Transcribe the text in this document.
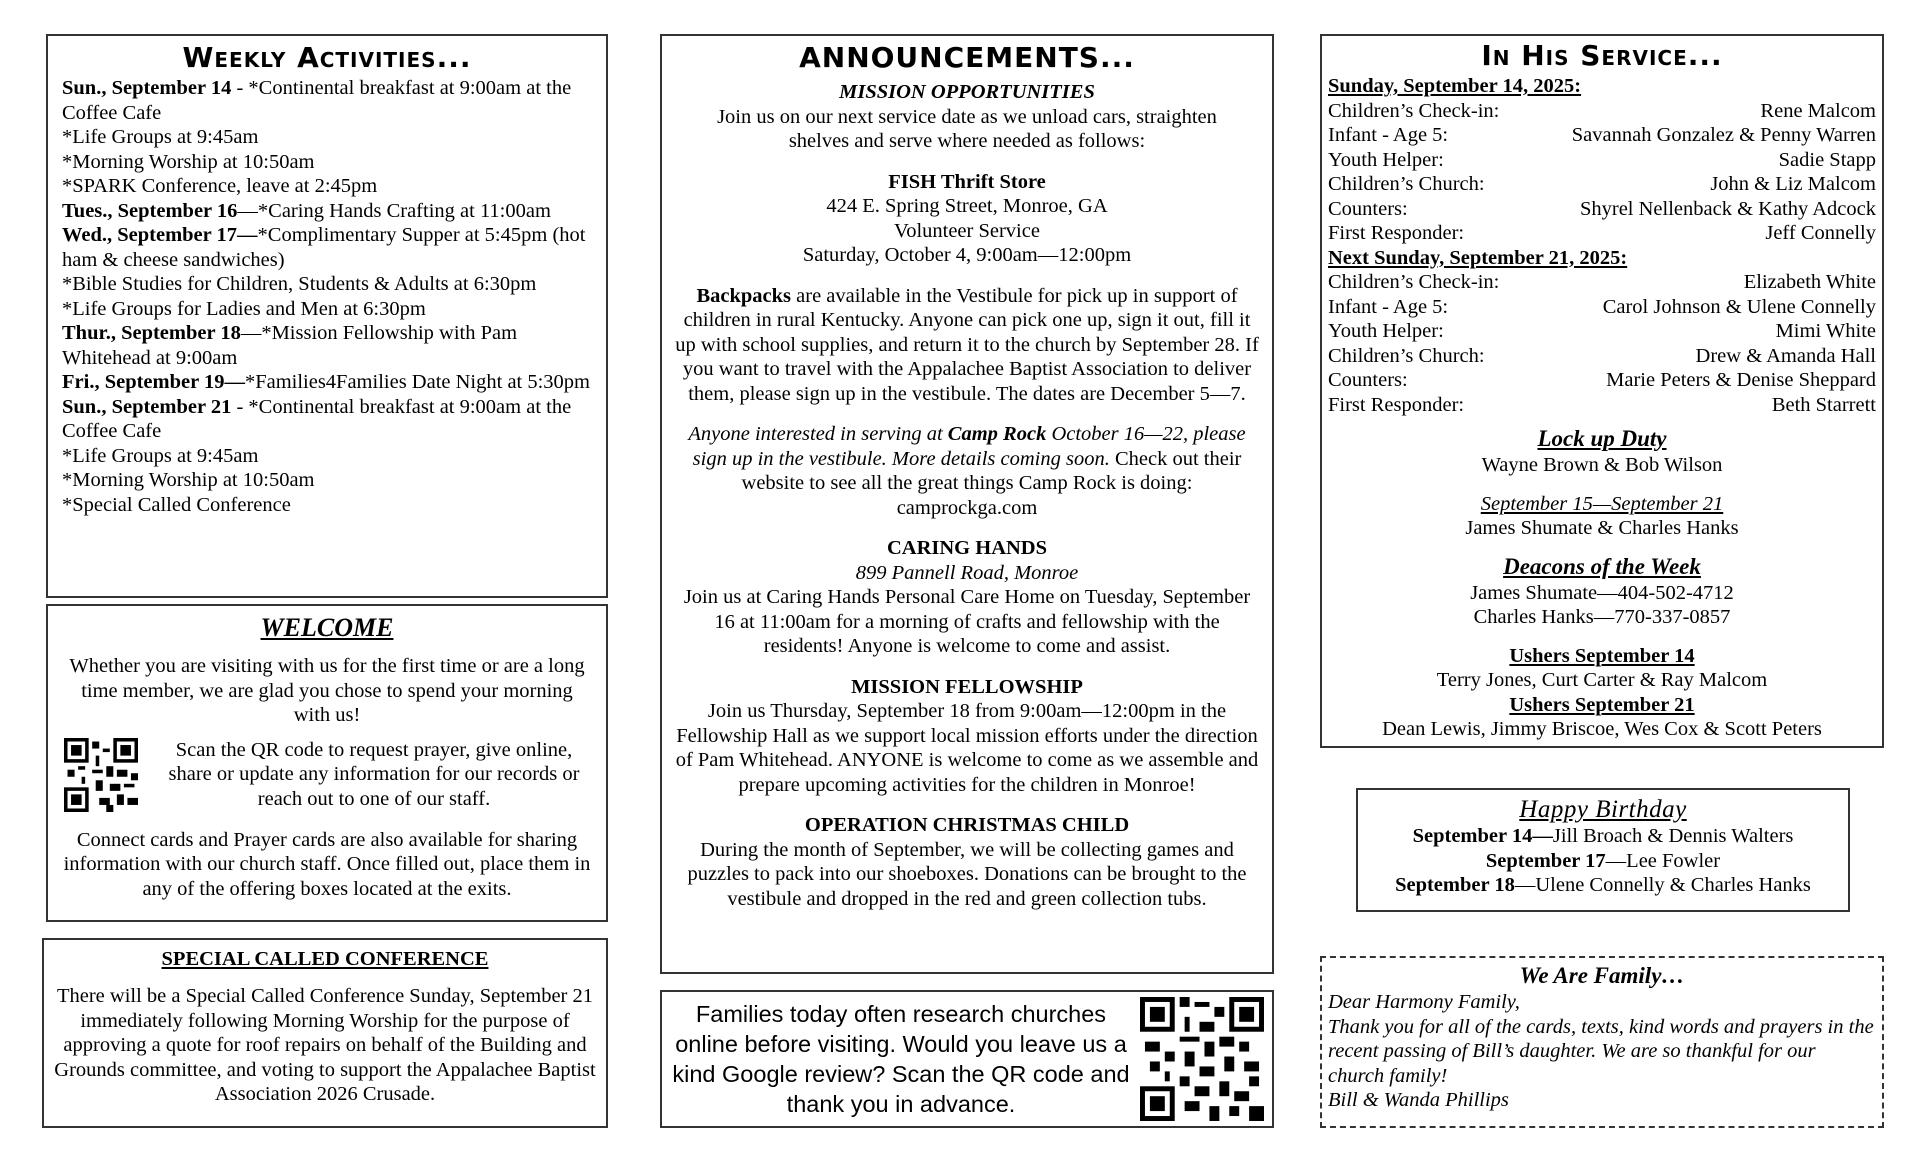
Weekly Activities...
Sun., September 14 - *Continental breakfast at 9:00am at the Coffee Cafe
*Life Groups at 9:45am
*Morning Worship at 10:50am
*SPARK Conference, leave at 2:45pm
Tues., September 16—*Caring Hands Crafting at 11:00am
Wed., September 17—*Complimentary Supper at 5:45pm (hot ham & cheese sandwiches)
*Bible Studies for Children, Students & Adults at 6:30pm
*Life Groups for Ladies and Men at 6:30pm
Thur., September 18—*Mission Fellowship with Pam Whitehead at 9:00am
Fri., September 19—*Families4Families Date Night at 5:30pm
Sun., September 21 - *Continental breakfast at 9:00am at the Coffee Cafe
*Life Groups at 9:45am
*Morning Worship at 10:50am
*Special Called Conference
WELCOME
Whether you are visiting with us for the first time or are a long time member, we are glad you chose to spend your morning with us!
Scan the QR code to request prayer, give online, share or update any information for our records or reach out to one of our staff.
Connect cards and Prayer cards are also available for sharing information with our church staff. Once filled out, place them in any of the offering boxes located at the exits.
SPECIAL CALLED CONFERENCE
There will be a Special Called Conference Sunday, September 21 immediately following Morning Worship for the purpose of approving a quote for roof repairs on behalf of the Building and Grounds committee, and voting to support the Appalachee Baptist Association 2026 Crusade.
ANNOUNCEMENTS...
MISSION OPPORTUNITIES
Join us on our next service date as we unload cars, straighten shelves and serve where needed as follows:
FISH Thrift Store
424 E. Spring Street, Monroe, GA
Volunteer Service
Saturday, October 4, 9:00am—12:00pm
Backpacks are available in the Vestibule for pick up in support of children in rural Kentucky. Anyone can pick one up, sign it out, fill it up with school supplies, and return it to the church by September 28. If you want to travel with the Appalachee Baptist Association to deliver them, please sign up in the vestibule. The dates are December 5—7.
Anyone interested in serving at Camp Rock October 16—22, please sign up in the vestibule. More details coming soon. Check out their website to see all the great things Camp Rock is doing: camprockga.com
CARING HANDS
899 Pannell Road, Monroe
Join us at Caring Hands Personal Care Home on Tuesday, September 16 at 11:00am for a morning of crafts and fellowship with the residents! Anyone is welcome to come and assist.
MISSION FELLOWSHIP
Join us Thursday, September 18 from 9:00am—12:00pm in the Fellowship Hall as we support local mission efforts under the direction of Pam Whitehead. ANYONE is welcome to come as we assemble and prepare upcoming activities for the children in Monroe!
OPERATION CHRISTMAS CHILD
During the month of September, we will be collecting games and puzzles to pack into our shoeboxes. Donations can be brought to the vestibule and dropped in the red and green collection tubs.
Families today often research churches online before visiting. Would you leave us a kind Google review? Scan the QR code and thank you in advance.
In His Service...
Sunday, September 14, 2025:
Children’s Check-in:	Rene Malcom
Infant - Age 5:	Savannah Gonzalez & Penny Warren
Youth Helper:	Sadie Stapp
Children’s Church:	John & Liz Malcom
Counters:	Shyrel Nellenback & Kathy Adcock
First Responder:	Jeff Connelly
Next Sunday, September 21, 2025:
Children’s Check-in:	Elizabeth White
Infant - Age 5:	Carol Johnson & Ulene Connelly
Youth Helper:	Mimi White
Children’s Church:	Drew & Amanda Hall
Counters:	Marie Peters & Denise Sheppard
First Responder:	Beth Starrett
Lock up Duty
Wayne Brown & Bob Wilson
September 15—September 21
James Shumate & Charles Hanks
Deacons of the Week
James Shumate—404-502-4712
Charles Hanks—770-337-0857
Ushers September 14
Terry Jones, Curt Carter & Ray Malcom
Ushers September 21
Dean Lewis, Jimmy Briscoe, Wes Cox & Scott Peters
Happy Birthday
September 14—Jill Broach & Dennis Walters
September 17—Lee Fowler
September 18—Ulene Connelly & Charles Hanks
We Are Family…
Dear Harmony Family,
Thank you for all of the cards, texts, kind words and prayers in the recent passing of Bill’s daughter. We are so thankful for our church family!
Bill & Wanda Phillips
